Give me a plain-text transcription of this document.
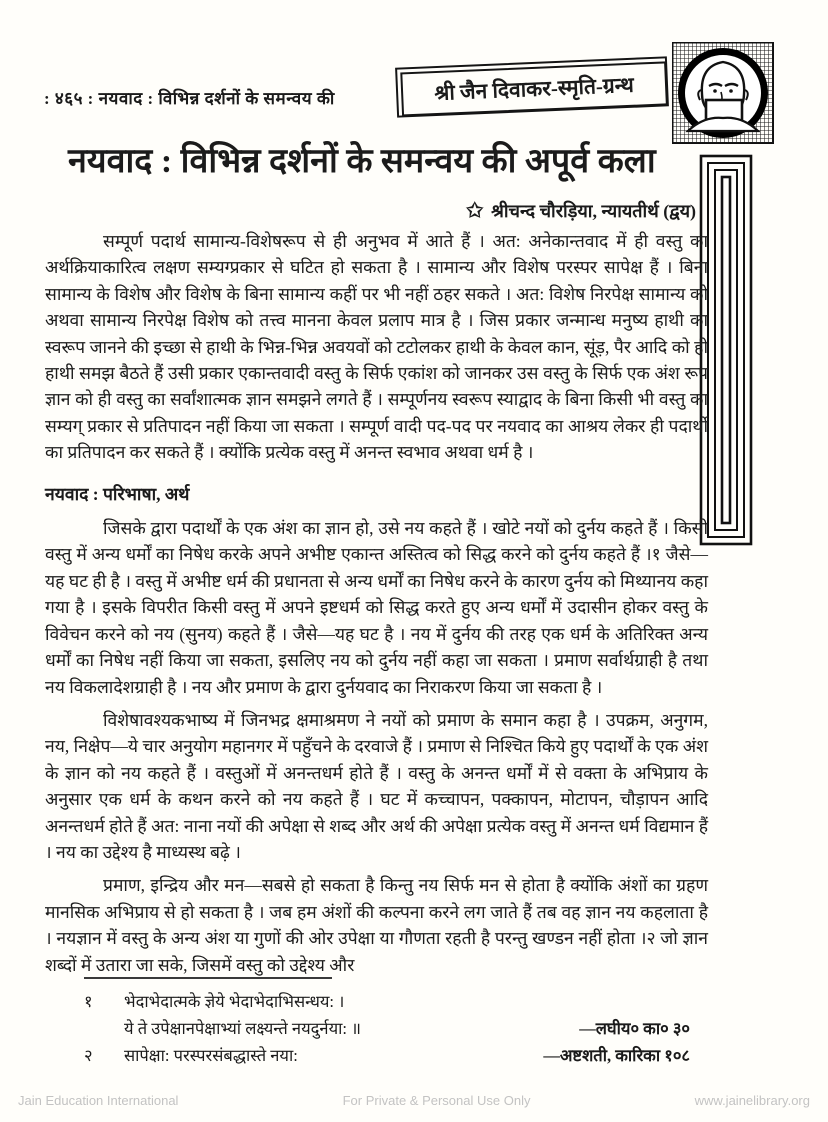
: ४६५ : नयवाद : विभिन्न दर्शनों के समन्वय की	श्री जैन दिवाकर-स्मृति-ग्रन्थ
नयवाद : विभिन्न दर्शनों के समन्वय की अपूर्व कला
✩ श्रीचन्द चौरड़िया, न्यायतीर्थ (द्वय)

सम्पूर्ण पदार्थ सामान्य-विशेषरूप से ही अनुभव में आते हैं । अत: अनेकान्तवाद में ही वस्तु का अर्थक्रियाकारित्व लक्षण सम्यग्प्रकार से घटित हो सकता है । सामान्य और विशेष परस्पर सापेक्ष हैं । बिना सामान्य के विशेष और विशेष के बिना सामान्य कहीं पर भी नहीं ठहर सकते । अत: विशेष निरपेक्ष सामान्य को अथवा सामान्य निरपेक्ष विशेष को तत्त्व मानना केवल प्रलाप मात्र है । जिस प्रकार जन्मान्ध मनुष्य हाथी का स्वरूप जानने की इच्छा से हाथी के भिन्न-भिन्न अवयवों को टटोलकर हाथी के केवल कान, सूंड़, पैर आदि को ही हाथी समझ बैठते हैं उसी प्रकार एकान्तवादी वस्तु के सिर्फ एकांश को जानकर उस वस्तु के सिर्फ एक अंश रूप ज्ञान को ही वस्तु का सर्वांशात्मक ज्ञान समझने लगते हैं । सम्पूर्णनय स्वरूप स्याद्वाद के बिना किसी भी वस्तु का सम्यग् प्रकार से प्रतिपादन नहीं किया जा सकता । सम्पूर्ण वादी पद-पद पर नयवाद का आश्रय लेकर ही पदार्थों का प्रतिपादन कर सकते हैं । क्योंकि प्रत्येक वस्तु में अनन्त स्वभाव अथवा धर्म है ।

नयवाद : परिभाषा, अर्थ

जिसके द्वारा पदार्थों के एक अंश का ज्ञान हो, उसे नय कहते हैं । खोटे नयों को दुर्नय कहते हैं । किसी वस्तु में अन्य धर्मों का निषेध करके अपने अभीष्ट एकान्त अस्तित्व को सिद्ध करने को दुर्नय कहते हैं ।१ जैसे—यह घट ही है । वस्तु में अभीष्ट धर्म की प्रधानता से अन्य धर्मों का निषेध करने के कारण दुर्नय को मिथ्यानय कहा गया है । इसके विपरीत किसी वस्तु में अपने इष्टधर्म को सिद्ध करते हुए अन्य धर्मों में उदासीन होकर वस्तु के विवेचन करने को नय (सुनय) कहते हैं । जैसे—यह घट है । नय में दुर्नय की तरह एक धर्म के अतिरिक्त अन्य धर्मों का निषेध नहीं किया जा सकता, इसलिए नय को दुर्नय नहीं कहा जा सकता । प्रमाण सर्वार्थग्राही है तथा नय विकलादेशग्राही है । नय और प्रमाण के द्वारा दुर्नयवाद का निराकरण किया जा सकता है ।

विशेषावश्यकभाष्य में जिनभद्र क्षमाश्रमण ने नयों को प्रमाण के समान कहा है । उपक्रम, अनुगम, नय, निक्षेप—ये चार अनुयोग महानगर में पहुँचने के दरवाजे हैं । प्रमाण से निश्चित किये हुए पदार्थों के एक अंश के ज्ञान को नय कहते हैं । वस्तुओं में अनन्तधर्म होते हैं । वस्तु के अनन्त धर्मों में से वक्ता के अभिप्राय के अनुसार एक धर्म के कथन करने को नय कहते हैं । घट में कच्चापन, पक्कापन, मोटापन, चौड़ापन आदि अनन्तधर्म होते हैं अत: नाना नयों की अपेक्षा से शब्द और अर्थ की अपेक्षा प्रत्येक वस्तु में अनन्त धर्म विद्यमान हैं । नय का उद्देश्य है माध्यस्थ बढ़े ।

प्रमाण, इन्द्रिय और मन—सबसे हो सकता है किन्तु नय सिर्फ मन से होता है क्योंकि अंशों का ग्रहण मानसिक अभिप्राय से हो सकता है । जब हम अंशों की कल्पना करने लग जाते हैं तब वह ज्ञान नय कहलाता है । नयज्ञान में वस्तु के अन्य अंश या गुणों की ओर उपेक्षा या गौणता रहती है परन्तु खण्डन नहीं होता ।२ जो ज्ञान शब्दों में उतारा जा सके, जिसमें वस्तु को उद्देश्य और

१	भेदाभेदात्मके ज्ञेये भेदाभेदाभिसन्धय: ।
ये ते उपेक्षानपेक्षाभ्यां लक्ष्यन्ते नयदुर्नया: ॥	—लघीय० का० ३०
२	सापेक्षा: परस्परसंबद्धास्ते नया:	—अष्टशती, कारिका १०८
Jain Education International	For Private & Personal Use Only	www.jainelibrary.org
